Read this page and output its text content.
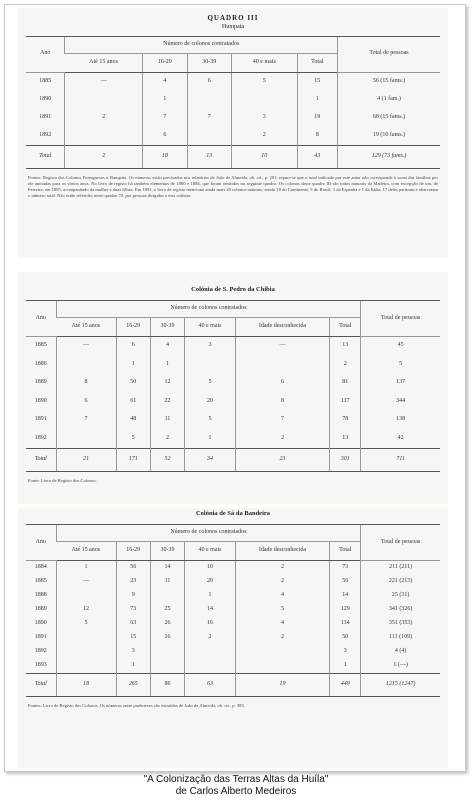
QUADRO III
Humpata
Ano	Número de colonos contratados					Total de pessoas
	Até 15 anos	16-29	30-39	40 e mais	Total	
1885	—	4	6	5	15	56 (15 fams.)
1890		1			1	4 (1 fam.)
1891	2	7	7	3	19	68 (15 fams.)
1892		6		2	8	19 (10 fams.)
Total	2	18	13	10	43	129 (73 fams.)
Fontes: Registo dos Colonos Portugueses à Humpata. Os números estão precisados nos relatórios de João de Almeida, ob. cit., p. 291; repare-se que o total indicado por este autor não corresponde à soma das famílias por ele anotadas para os vários anos. No livro de registo há também elementos de 1880 e 1884, que foram omitidos no seguinte quadro. Os colonos deste quadro III são todos naturais da Madeira, com excepção de um, de Ferreira, em 1885, acompanhado da mulher e duas filhas. Em 1891, o livro de registo menciona ainda mais 20 colonos naturais, sendo 18 do Continente, 5 do Brasil, 1 da Espanha e 1 da Itália; 17 deles partiram e abarcaram o número total. Não estão referidos neste quadro 70, por pessoas dirigidas a esta colónia.
Colónia de S. Pedro da Chibia
Ano	Número de colonos contratados						Total de pessoas
	Até 15 anos	16-29	30-39	40 e mais	Idade desconhecida	Total	
1885	—	6	4	3	—	13	45
1886		1	1			2	5
1889	8	50	12	5	6	81	137
1890	6	61	22	20	8	117	344
1891	7	48	11	5	7	78	138
1892		5	2	1	2	13	42
Total	21	171	52	34	23	301	711
Fonte: Livro de Registo dos Colonos.
Colónia de Sá da Bandeira
Ano	Número de colonos contratados						Total de pessoas
	Até 15 anos	16-29	30-39	40 e mais	Idade desconhecida	Total	
1884	1	56	14	10	2	73	211 (211)
1885	—	23	11	20	2	56	221 (213)
1888		9		1	4	14	25 (31)
1889	12	73	25	14	5	129	341 (326)
1890	5	63	26	16	4	114	351 (353)
1891		15	16	2	2	50	111 (109)
1892		3				3	4 (4)
1893		1				1	1 (—)
Total	18	265	86	63	19	449	1215 (1247)
Fontes: Livro de Registo dos Colonos. Os números entre parênteses são extraídos de João de Almeida, ob. cit., p. 385.
"A Colonização das Terras Altas da Huíla"
de Carlos Alberto Medeiros
